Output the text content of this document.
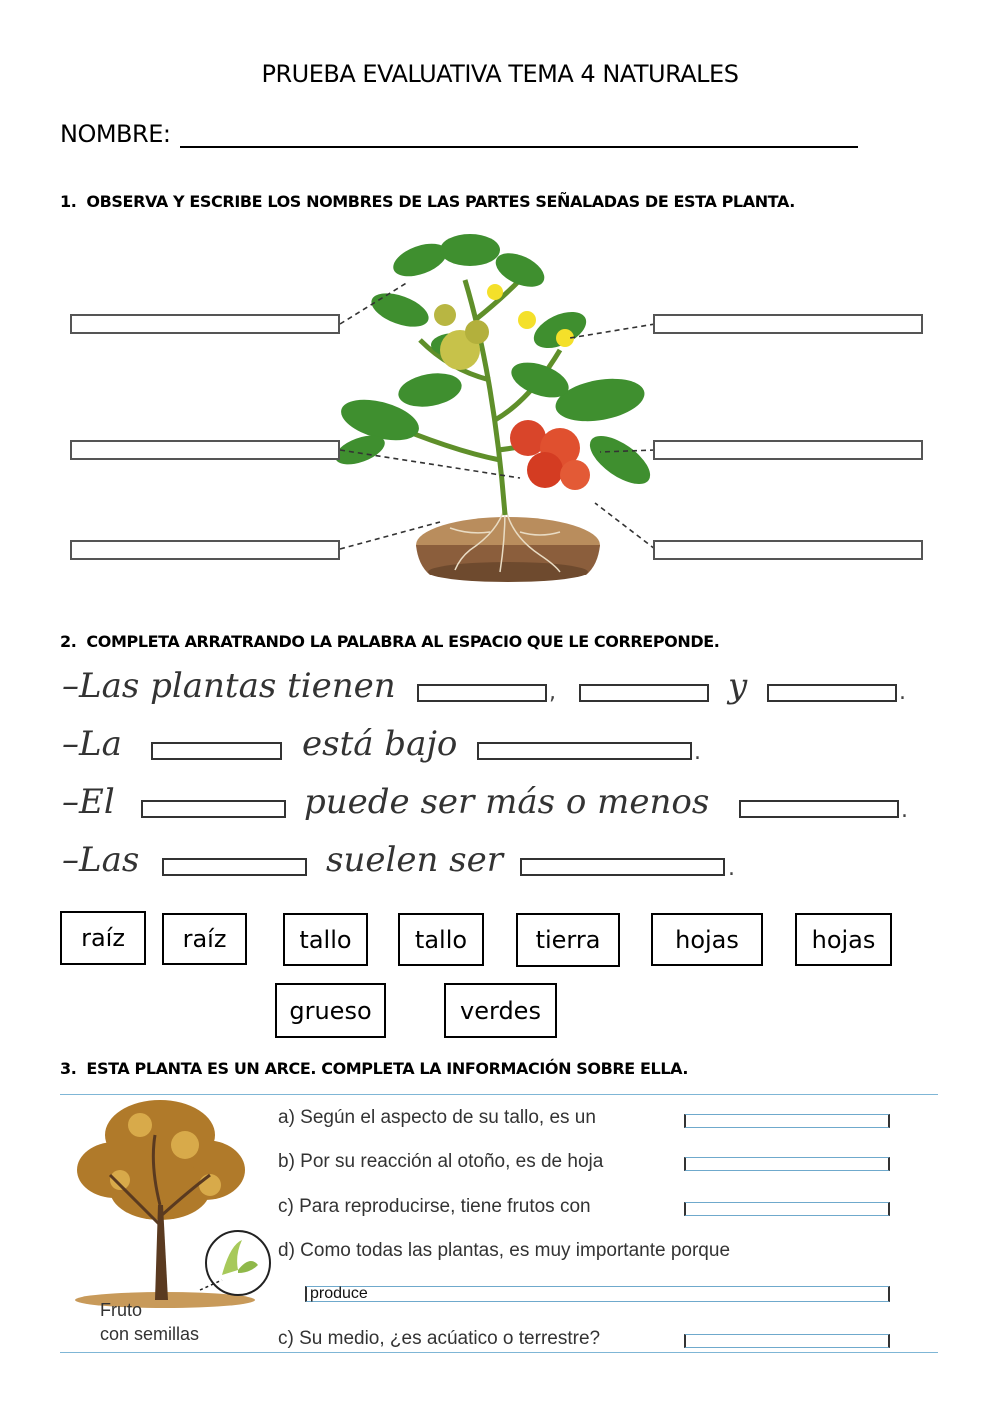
PRUEBA EVALUATIVA TEMA 4 NATURALES
NOMBRE:
1. OBSERVA Y ESCRIBE LOS NOMBRES DE LAS PARTES SEÑALADAS DE ESTA PLANTA.
2. COMPLETA ARRATRANDO LA PALABRA AL ESPACIO QUE LE CORREPONDE.
–Las plantas tienen	,	y	.
–La	está bajo	.
–El	puede ser más o menos	.
–Las	suelen ser	.
raíz	raíz	tallo	tallo	tierra	hojas	hojas
grueso	verdes
3. ESTA PLANTA ES UN ARCE. COMPLETA LA INFORMACIÓN SOBRE ELLA.
Fruto
con semillas
a) Según el aspecto de su tallo, es un
b) Por su reacción al otoño, es de hoja
c) Para reproducirse, tiene frutos con
d) Como todas las plantas, es muy importante porque
produce
c) Su medio, ¿es acúatico o terrestre?
